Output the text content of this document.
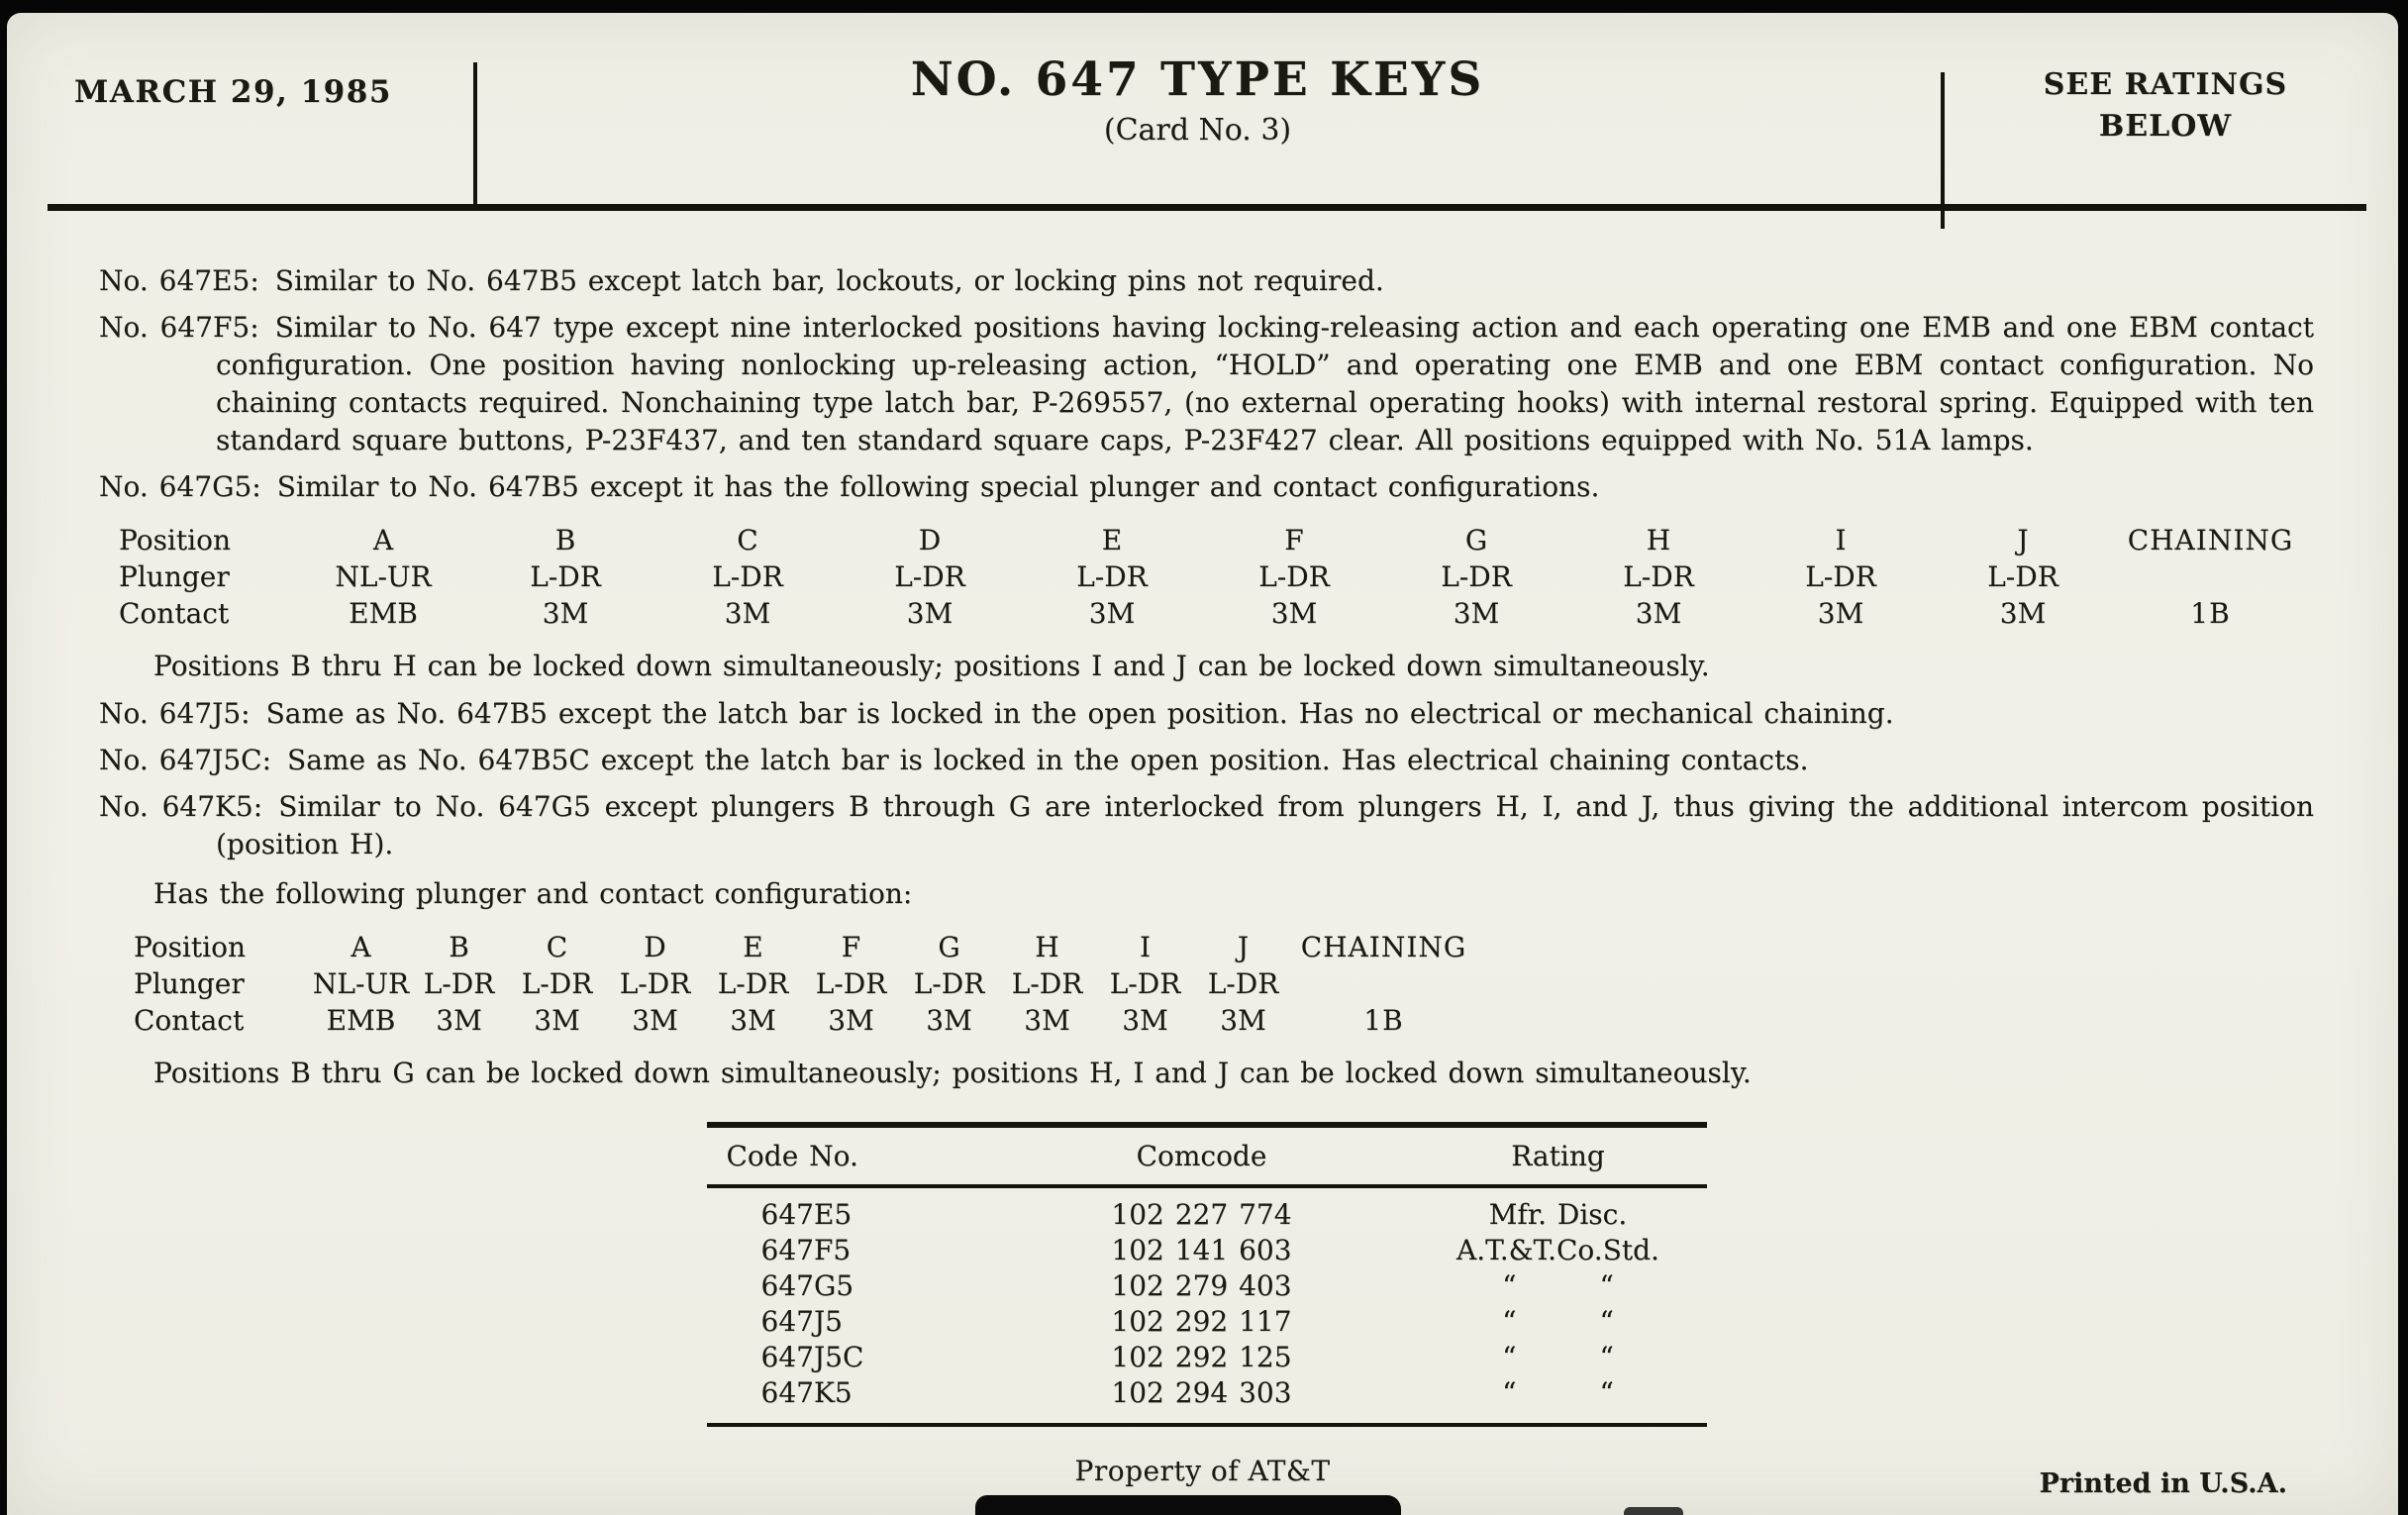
MARCH 29, 1985	NO. 647 TYPE KEYS
(Card No. 3)
SEE RATINGS
BELOW

No. 647E5: Similar to No. 647B5 except latch bar, lockouts, or locking pins not required.

No. 647F5: Similar to No. 647 type except nine interlocked positions having locking-releasing action and each operating one EMB and one EBM contact configuration. One position having nonlocking up-releasing action, “HOLD” and operating one EMB and one EBM contact configuration. No chaining contacts required. Nonchaining type latch bar, P-269557, (no external operating hooks) with internal restoral spring. Equipped with ten standard square buttons, P-23F437, and ten standard square caps, P-23F427 clear. All positions equipped with No. 51A lamps.

No. 647G5: Similar to No. 647B5 except it has the following special plunger and contact configurations.

Position	A	B	C	D	E	F	G	H	I	J	CHAINING
Plunger	NL-UR	L-DR	L-DR	L-DR	L-DR	L-DR	L-DR	L-DR	L-DR	L-DR
Contact	EMB	3M	3M	3M	3M	3M	3M	3M	3M	3M	1B

Positions B thru H can be locked down simultaneously; positions I and J can be locked down simultaneously.

No. 647J5: Same as No. 647B5 except the latch bar is locked in the open position. Has no electrical or mechanical chaining.

No. 647J5C: Same as No. 647B5C except the latch bar is locked in the open position. Has electrical chaining contacts.

No. 647K5: Similar to No. 647G5 except plungers B through G are interlocked from plungers H, I, and J, thus giving the additional intercom position (position H).

Has the following plunger and contact configuration:

Position	A	B	C	D	E	F	G	H	I	J	CHAINING
Plunger	NL-UR L-DR L-DR L-DR L-DR L-DR L-DR L-DR L-DR L-DR
Contact	EMB	3M	3M	3M	3M	3M	3M	3M	3M	3M	1B

Positions B thru G can be locked down simultaneously; positions H, I and J can be locked down simultaneously.

Code No.	Comcode	Rating
647E5	102 227 774	Mfr. Disc.
647F5	102 141 603	A.T.&T.Co.Std.
647G5	102 279 403	“   “
647J5	102 292 117	“   “
647J5C	102 292 125	“   “
647K5	102 294 303	“   “
Property of AT&T	Printed in U.S.A.
